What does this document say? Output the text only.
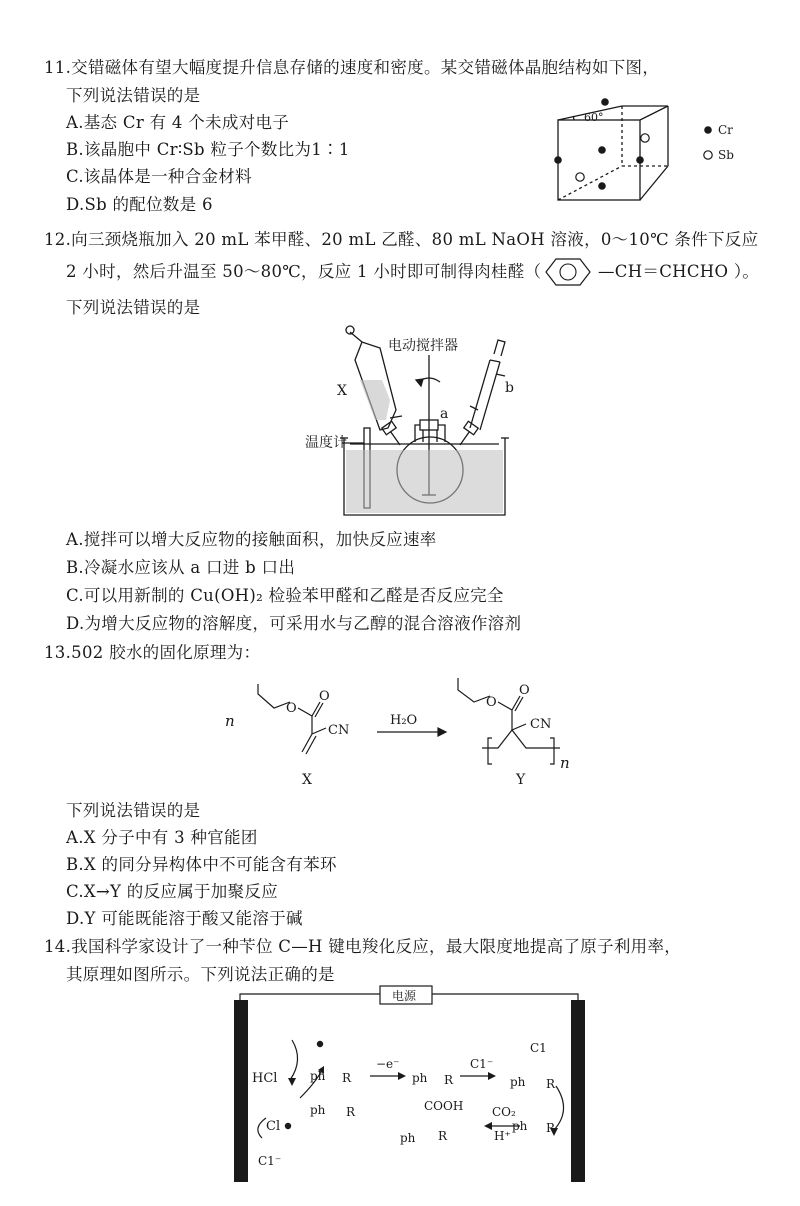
11.交错磁体有望大幅度提升信息存储的速度和密度。某交错磁体晶胞结构如下图，
下列说法错误的是
A.基态 Cr 有 4 个未成对电子
B.该晶胞中 Cr∶Sb 粒子个数比为1∶1
C.该晶体是一种合金材料
D.Sb 的配位数是 6
60°
Cr
Sb
12.向三颈烧瓶加入 20 mL 苯甲醛、20 mL 乙醛、80 mL NaOH 溶液，0～10℃ 条件下反应
2 小时，然后升温至 50～80℃，反应 1 小时即可制得肉桂醛（	—CH＝CHCHO ）。
下列说法错误的是
电动搅拌器
X
a
b
温度计
A.搅拌可以增大反应物的接触面积，加快反应速率
B.冷凝水应该从 a 口进 b 口出
C.可以用新制的 Cu(OH)₂ 检验苯甲醛和乙醛是否反应完全
D.为增大反应物的溶解度，可采用水与乙醇的混合溶液作溶剂
13.502 胶水的固化原理为：
n
O
O
CN
X
H₂O
O
O
CN
Y
n
下列说法错误的是
A.X 分子中有 3 种官能团
B.X 的同分异构体中不可能含有苯环
C.X→Y 的反应属于加聚反应
D.Y 可能既能溶于酸又能溶于碱
14.我国科学家设计了一种苄位 C—H 键电羧化反应，最大限度地提高了原子利用率，
其原理如图所示。下列说法正确的是
电源
HCl
Cl
C1⁻
ph R
ph R
−e⁻
ph R
C1⁻
C1
ph R
COOH
ph R
CO₂
H⁺
ph R
